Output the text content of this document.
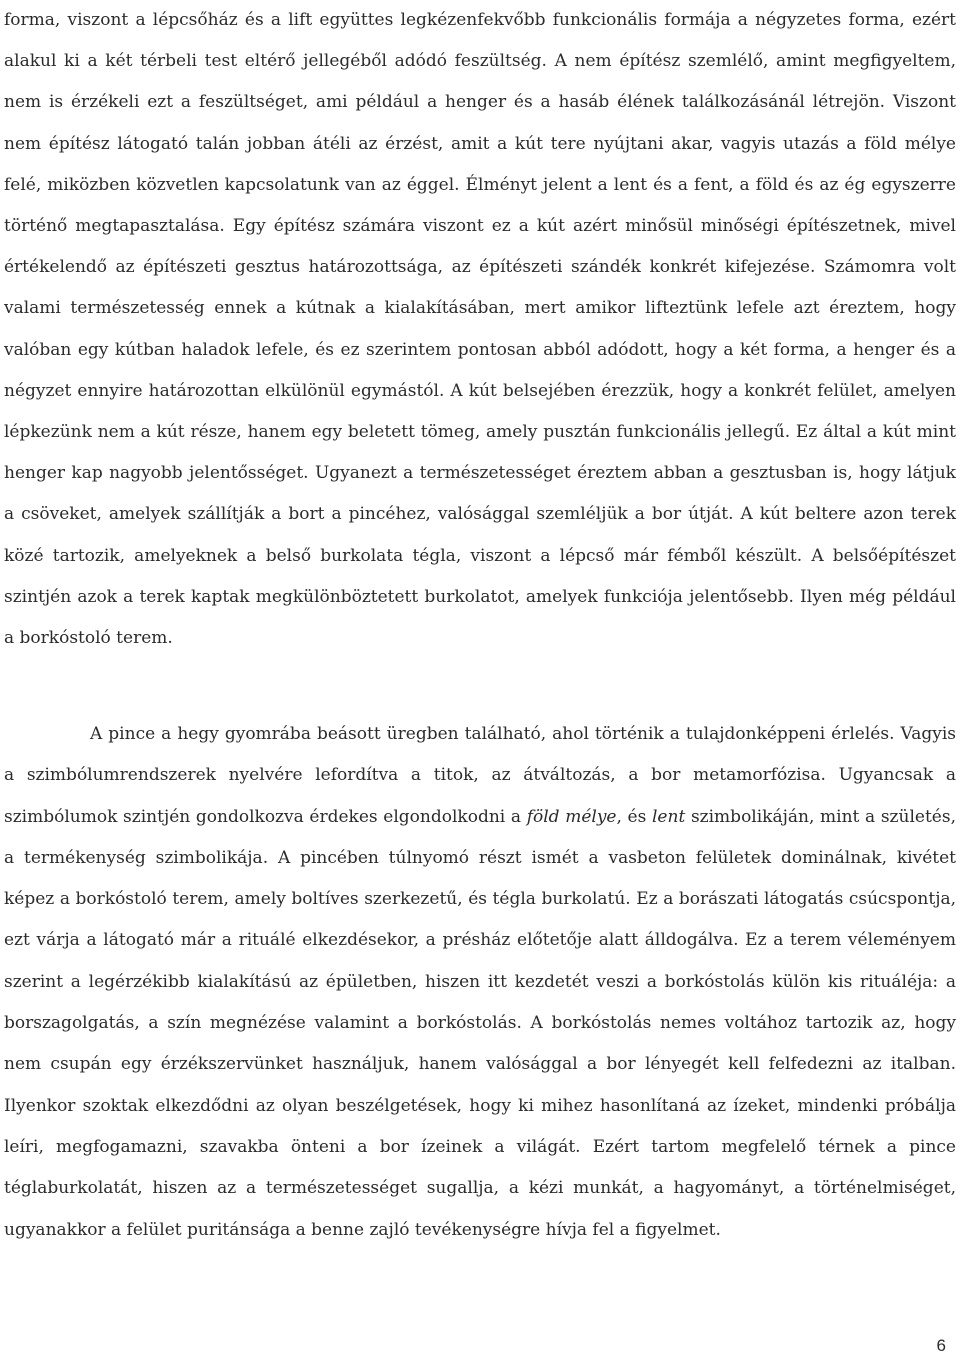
forma, viszont a lépcsőház és a lift együttes legkézenfekvőbb funkcionális formája a négyzetes forma, ezért alakul ki a két térbeli test eltérő jellegéből adódó feszültség. A nem építész szemlélő, amint megfigyeltem, nem is érzékeli ezt a feszültséget, ami például a henger és a hasáb élének találkozásánál létrejön. Viszont nem építész látogató talán jobban átéli az érzést, amit a kút tere nyújtani akar, vagyis utazás a föld mélye felé, miközben közvetlen kapcsolatunk van az éggel. Élményt jelent a lent és a fent, a föld és az ég egyszerre történő megtapasztalása. Egy építész számára viszont ez a kút azért minősül minőségi építészetnek, mivel értékelendő az építészeti gesztus határozottsága, az építészeti szándék konkrét kifejezése. Számomra volt valami természetesség ennek a kútnak a kialakításában, mert amikor lifteztünk lefele azt éreztem, hogy valóban egy kútban haladok lefele, és ez szerintem pontosan abból adódott, hogy a két forma, a henger és a négyzet ennyire határozottan elkülönül egymástól. A kút belsejében érezzük, hogy a konkrét felület, amelyen lépkezünk nem a kút része, hanem egy beletett tömeg, amely pusztán funkcionális jellegű. Ez által a kút mint henger kap nagyobb jelentősséget. Ugyanezt a természetességet éreztem abban a gesztusban is, hogy látjuk a csöveket, amelyek szállítják a bort a pincéhez, valósággal szemléljük a bor útját. A kút beltere azon terek közé tartozik, amelyeknek a belső burkolata tégla, viszont a lépcső már fémből készült. A belsőépítészet szintjén azok a terek kaptak megkülönböztetett burkolatot, amelyek funkciója jelentősebb. Ilyen még például a borkóstoló terem.

A pince a hegy gyomrába beásott üregben található, ahol történik a tulajdonképpeni érlelés. Vagyis a szimbólumrendszerek nyelvére lefordítva a titok, az átváltozás, a bor metamorfózisa. Ugyancsak a szimbólumok szintjén gondolkozva érdekes elgondolkodni a föld mélye, és lent szimbolikáján, mint a születés, a termékenység szimbolikája. A pincében túlnyomó részt ismét a vasbeton felületek dominálnak, kivétet képez a borkóstoló terem, amely boltíves szerkezetű, és tégla burkolatú. Ez a borászati látogatás csúcspontja, ezt várja a látogató már a rituálé elkezdésekor, a présház előtetője alatt álldogálva. Ez a terem véleményem szerint a legérzékibb kialakítású az épületben, hiszen itt kezdetét veszi a borkóstolás külön kis rituáléja: a borszagolgatás, a szín megnézése valamint a borkóstolás. A borkóstolás nemes voltához tartozik az, hogy nem csupán egy érzékszervünket használjuk, hanem valósággal a bor lényegét kell felfedezni az italban. Ilyenkor szoktak elkezdődni az olyan beszélgetések, hogy ki mihez hasonlítaná az ízeket, mindenki próbálja leíri, megfogamazni, szavakba önteni a bor ízeinek a világát. Ezért tartom megfelelő térnek a pince téglaburkolatát, hiszen az a természetességet sugallja, a kézi munkát, a hagyományt, a történelmiséget, ugyanakkor a felület puritánsága a benne zajló tevékenységre hívja fel a figyelmet.

6
